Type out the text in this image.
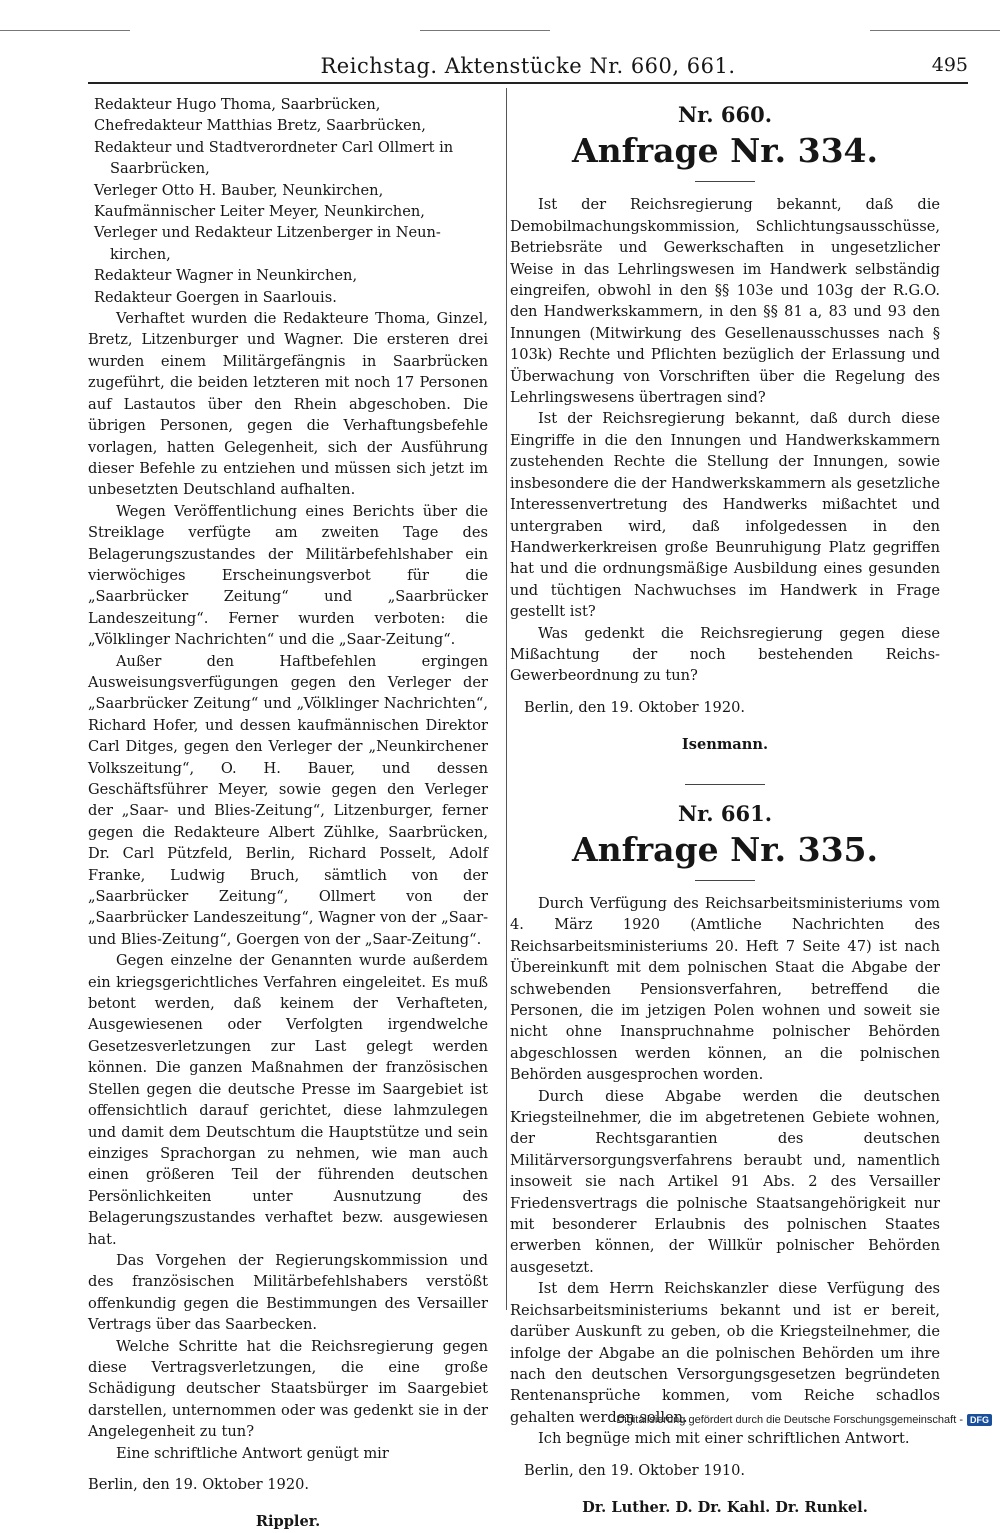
Reichstag. Aktenstücke Nr. 660, 661.	495
Redakteur Hugo Thoma, Saarbrücken,
Chefredakteur Matthias Bretz, Saarbrücken,
Redakteur und Stadtverordneter Carl Ollmert in
Saarbrücken,
Verleger Otto H. Bauber, Neunkirchen,
Kaufmännischer Leiter Meyer, Neunkirchen,
Verleger und Redakteur Litzenberger in Neun-
kirchen,
Redakteur Wagner in Neunkirchen,
Redakteur Goergen in Saarlouis.

Verhaftet wurden die Redakteure Thoma, Ginzel, Bretz, Litzenburger und Wagner. Die ersteren drei wurden einem Militärgefängnis in Saarbrücken zugeführt, die beiden letzteren mit noch 17 Personen auf Lastautos über den Rhein abgeschoben. Die übrigen Personen, gegen die Verhaftungsbefehle vorlagen, hatten Gelegenheit, sich der Ausführung dieser Befehle zu entziehen und müssen sich jetzt im unbesetzten Deutschland aufhalten.

Wegen Veröffentlichung eines Berichts über die Streiklage verfügte am zweiten Tage des Belagerungszustandes der Militärbefehlshaber ein vierwöchiges Erscheinungsverbot für die „Saarbrücker Zeitung“ und „Saarbrücker Landeszeitung“. Ferner wurden verboten: die „Völklinger Nachrichten“ und die „Saar-Zeitung“.

Außer den Haftbefehlen ergingen Ausweisungsverfügungen gegen den Verleger der „Saarbrücker Zeitung“ und „Völklinger Nachrichten“, Richard Hofer, und dessen kaufmännischen Direktor Carl Ditges, gegen den Verleger der „Neunkirchener Volkszeitung“, O. H. Bauer, und dessen Geschäftsführer Meyer, sowie gegen den Verleger der „Saar- und Blies-Zeitung“, Litzenburger, ferner gegen die Redakteure Albert Zühlke, Saarbrücken, Dr. Carl Pützfeld, Berlin, Richard Posselt, Adolf Franke, Ludwig Bruch, sämtlich von der „Saarbrücker Zeitung“, Ollmert von der „Saarbrücker Landeszeitung“, Wagner von der „Saar- und Blies-Zeitung“, Goergen von der „Saar-Zeitung“.

Gegen einzelne der Genannten wurde außerdem ein kriegsgerichtliches Verfahren eingeleitet. Es muß betont werden, daß keinem der Verhafteten, Ausgewiesenen oder Verfolgten irgendwelche Gesetzesverletzungen zur Last gelegt werden können. Die ganzen Maßnahmen der französischen Stellen gegen die deutsche Presse im Saargebiet ist offensichtlich darauf gerichtet, diese lahmzulegen und damit dem Deutschtum die Hauptstütze und sein einziges Sprachorgan zu nehmen, wie man auch einen größeren Teil der führenden deutschen Persönlichkeiten unter Ausnutzung des Belagerungszustandes verhaftet bezw. ausgewiesen hat.

Das Vorgehen der Regierungskommission und des französischen Militärbefehlshabers verstößt offenkundig gegen die Bestimmungen des Versailler Vertrags über das Saarbecken.

Welche Schritte hat die Reichsregierung gegen diese Vertragsverletzungen, die eine große Schädigung deutscher Staatsbürger im Saargebiet darstellen, unternommen oder was gedenkt sie in der Angelegenheit zu tun?

Eine schriftliche Antwort genügt mir

Berlin, den 19. Oktober 1920.

Rippler.

Nr. 660.
Anfrage Nr. 334.

Ist der Reichsregierung bekannt, daß die Demobilmachungskommission, Schlichtungsausschüsse, Betriebsräte und Gewerkschaften in ungesetzlicher Weise in das Lehrlingswesen im Handwerk selbständig eingreifen, obwohl in den §§ 103e und 103g der R.G.O. den Handwerkskammern, in den §§ 81 a, 83 und 93 den Innungen (Mitwirkung des Gesellenausschusses nach § 103k) Rechte und Pflichten bezüglich der Erlassung und Überwachung von Vorschriften über die Regelung des Lehrlingswesens übertragen sind?

Ist der Reichsregierung bekannt, daß durch diese Eingriffe in die den Innungen und Handwerkskammern zustehenden Rechte die Stellung der Innungen, sowie insbesondere die der Handwerkskammern als gesetzliche Interessenvertretung des Handwerks mißachtet und untergraben wird, daß infolgedessen in den Handwerkerkreisen große Beunruhigung Platz gegriffen hat und die ordnungsmäßige Ausbildung eines gesunden und tüchtigen Nachwuchses im Handwerk in Frage gestellt ist?

Was gedenkt die Reichsregierung gegen diese Mißachtung der noch bestehenden Reichs-Gewerbeordnung zu tun?

Berlin, den 19. Oktober 1920.

Isenmann.

Nr. 661.
Anfrage Nr. 335.

Durch Verfügung des Reichsarbeitsministeriums vom 4. März 1920 (Amtliche Nachrichten des Reichsarbeitsministeriums 20. Heft 7 Seite 47) ist nach Übereinkunft mit dem polnischen Staat die Abgabe der schwebenden Pensionsverfahren, betreffend die Personen, die im jetzigen Polen wohnen und soweit sie nicht ohne Inanspruchnahme polnischer Behörden abgeschlossen werden können, an die polnischen Behörden ausgesprochen worden.

Durch diese Abgabe werden die deutschen Kriegsteilnehmer, die im abgetretenen Gebiete wohnen, der Rechtsgarantien des deutschen Militärversorgungsverfahrens beraubt und, namentlich insoweit sie nach Artikel 91 Abs. 2 des Versailler Friedensvertrags die polnische Staatsangehörigkeit nur mit besonderer Erlaubnis des polnischen Staates erwerben können, der Willkür polnischer Behörden ausgesetzt.

Ist dem Herrn Reichskanzler diese Verfügung des Reichsarbeitsministeriums bekannt und ist er bereit, darüber Auskunft zu geben, ob die Kriegsteilnehmer, die infolge der Abgabe an die polnischen Behörden um ihre nach den deutschen Versorgungsgesetzen begründeten Rentenansprüche kommen, vom Reiche schadlos gehalten werden sollen.

Ich begnüge mich mit einer schriftlichen Antwort.

Berlin, den 19. Oktober 1910.

Dr. Luther. D. Dr. Kahl. Dr. Runkel.

Digitalisierung gefördert durch die Deutsche Forschungsgemeinschaft - DFG
